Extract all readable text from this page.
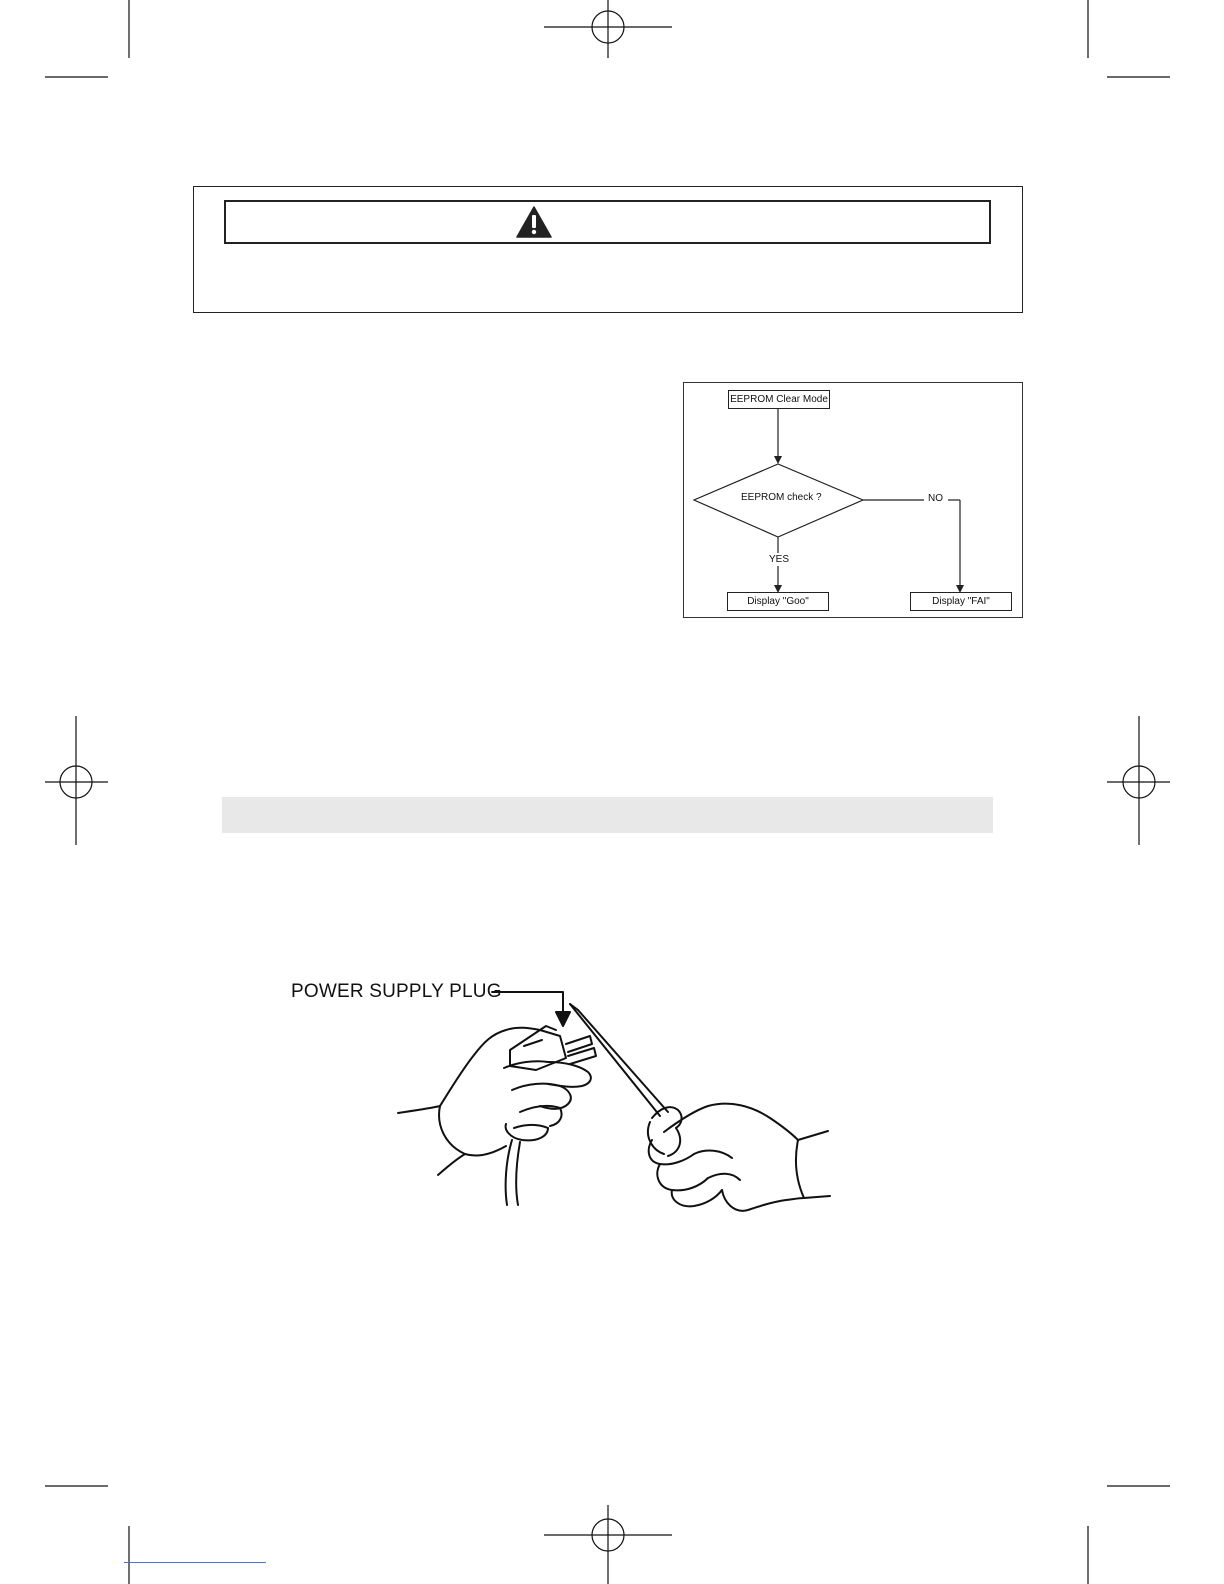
EEPROM Clear Mode
EEPROM check ?
YES
NO
Display "Goo"	Display "FAI"
POWER SUPPLY PLUG
